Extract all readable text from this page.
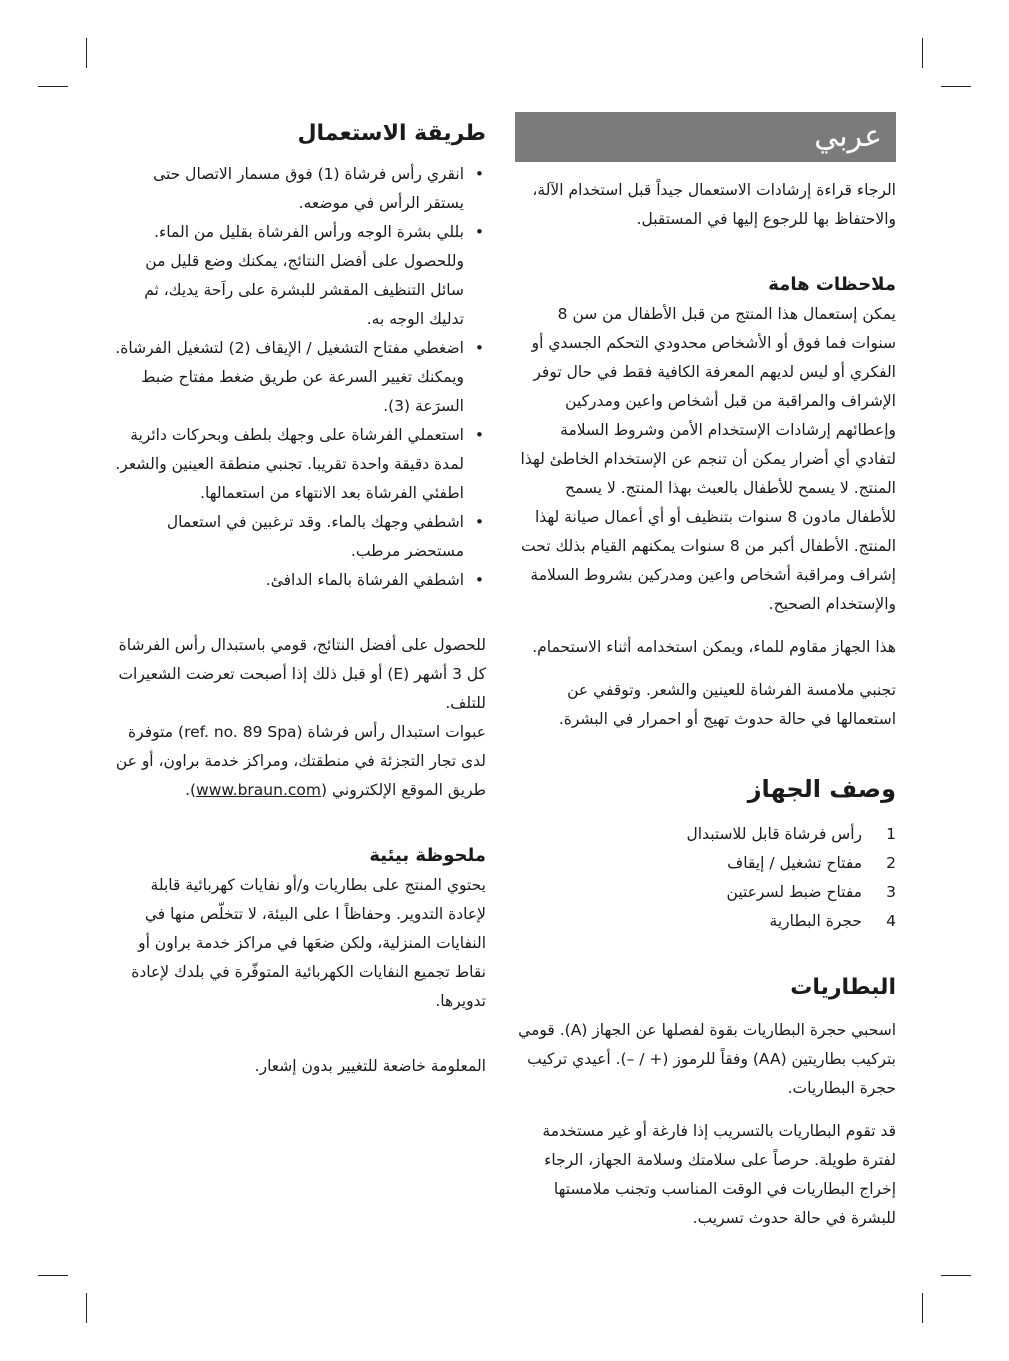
عربي

الرجاء قراءة إرشادات الاستعمال جيداً قبل استخدام الآلة، والاحتفاظ بها للرجوع إليها في المستقبل.

ملاحظات هامة

يمكن إستعمال هذا المنتج من قبل الأطفال من سن 8 سنوات فما فوق أو الأشخاص محدودي التحكم الجسدي أو الفكري أو ليس لديهم المعرفة الكافية فقط في حال توفر الإشراف والمراقبة من قبل أشخاص واعين ومدركين وإعطائهم إرشادات الإستخدام الأمن وشروط السلامة لتفادي أي أضرار يمكن أن تنجم عن الإستخدام الخاطئ لهذا المنتج. لا يسمح للأطفال بالعبث بهذا المنتج. لا يسمح للأطفال مادون 8 سنوات بتنظيف أو أي أعمال صيانة لهذا المنتج. الأطفال أكبر من 8 سنوات يمكنهم القيام بذلك تحت إشراف ومراقبة أشخاص واعين ومدركين بشروط السلامة والإستخدام الصحيح.

هذا الجهاز مقاوم للماء، ويمكن استخدامه أثناء الاستحمام.

تجنبي ملامسة الفرشاة للعينين والشعر. وتوقفي عن استعمالها في حالة حدوث تهيج أو احمرار في البشرة.

وصف الجهاز
1
رأس فرشاة قابل للاستبدال
2
مفتاح تشغيل / إيقاف
3
مفتاح ضبط لسرعتين
4
حجرة البطارية
البطاريات

اسحبي حجرة البطاريات بقوة لفصلها عن الجهاز (A). قومي بتركيب بطاريتين (AA) وفقاً للرموز (+ / –). أعيدي تركيب حجرة البطاريات.

قد تقوم البطاريات بالتسريب إذا فارغة أو غير مستخدمة لفترة طويلة. حرصاً على سلامتك وسلامة الجهاز، الرجاء إخراج البطاريات في الوقت المناسب وتجنب ملامستها للبشرة في حالة حدوث تسريب.

طريقة الاستعمال
• انقري رأس فرشاة (1) فوق مسمار الاتصال حتى يستقر الرأس في موضعه.
• بللي بشرة الوجه ورأس الفرشاة بقليل من الماء. وللحصول على أفضل النتائج، يمكنك وضع قليل من سائل التنظيف المقشر للبشرة على راَحة يديك، ثم تدليك الوجه به.
• اضغطي مفتاح التشغيل / الإيقاف (2) لتشغيل الفرشاة. ويمكنك تغيير السرعة عن طريق ضغط مفتاح ضبط السرَعة (3).
• استعملي الفرشاة على وجهك بلطف وبحركات دائرية لمدة دقيقة واحدة تقريبا. تجنبي منطقة العينين والشعر. اطفئي الفرشاة بعد الانتهاء من استعمالها.
• اشطفي وجهك بالماء. وقد ترغبين في استعمال مستحضر مرطب.
• اشطفي الفرشاة بالماء الدافئ.

للحصول على أفضل النتائج، قومي باستبدال رأس الفرشاة كل 3 أشهر (E) أو قبل ذلك إذا أصبحت تعرضت الشعيرات للتلف.

عبوات استبدال رأس فرشاة (ref. no. 89 Spa) متوفرة لدى تجار التجزئة في منطقتك، ومراكز خدمة براون، أو عن طريق الموقع الإلكتروني (www.braun.com).

ملحوظة بيئية

يحتوي المنتج على بطاريات و/أو نفايات كهربائية قابلة لإعادة التدوير. وحفاظاً ا على البيئة، لا تتخلّص منها في النفايات المنزلية، ولكن ضعَها في مراكز خدمة براون أو نقاط تجميع النفايات الكهربائية المتوفّرة في بلدك لإعادة تدويرها.

المعلومة خاضعة للتغيير بدون إشعار.
